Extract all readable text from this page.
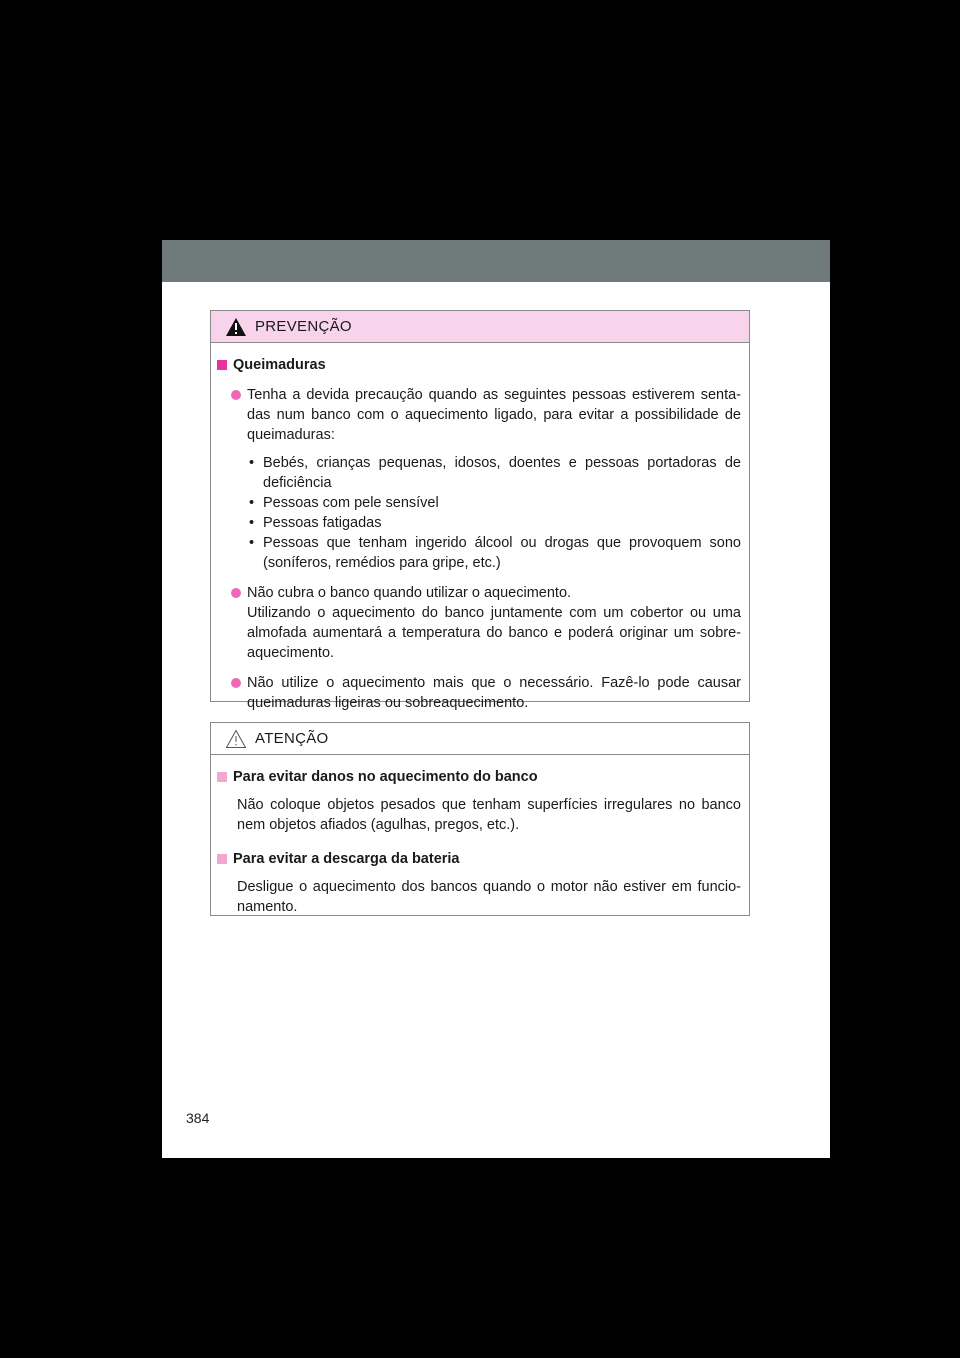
PREVENÇÃO
Queimaduras
Tenha a devida precaução quando as seguintes pessoas estiverem senta-das num banco com o aquecimento ligado, para evitar a possibilidade de queimaduras:
• Bebés, crianças pequenas, idosos, doentes e pessoas portadoras de deficiência
• Pessoas com pele sensível
• Pessoas fatigadas
• Pessoas que tenham ingerido álcool ou drogas que provoquem sono (soníferos, remédios para gripe, etc.)
Não cubra o banco quando utilizar o aquecimento.
Utilizando o aquecimento do banco juntamente com um cobertor ou uma almofada aumentará a temperatura do banco e poderá originar um sobre-aquecimento.
Não utilize o aquecimento mais que o necessário. Fazê-lo pode causar queimaduras ligeiras ou sobreaquecimento.
ATENÇÃO
Para evitar danos no aquecimento do banco
Não coloque objetos pesados que tenham superfícies irregulares no banco nem objetos afiados (agulhas, pregos, etc.).
Para evitar a descarga da bateria
Desligue o aquecimento dos bancos quando o motor não estiver em funcio-namento.
384
